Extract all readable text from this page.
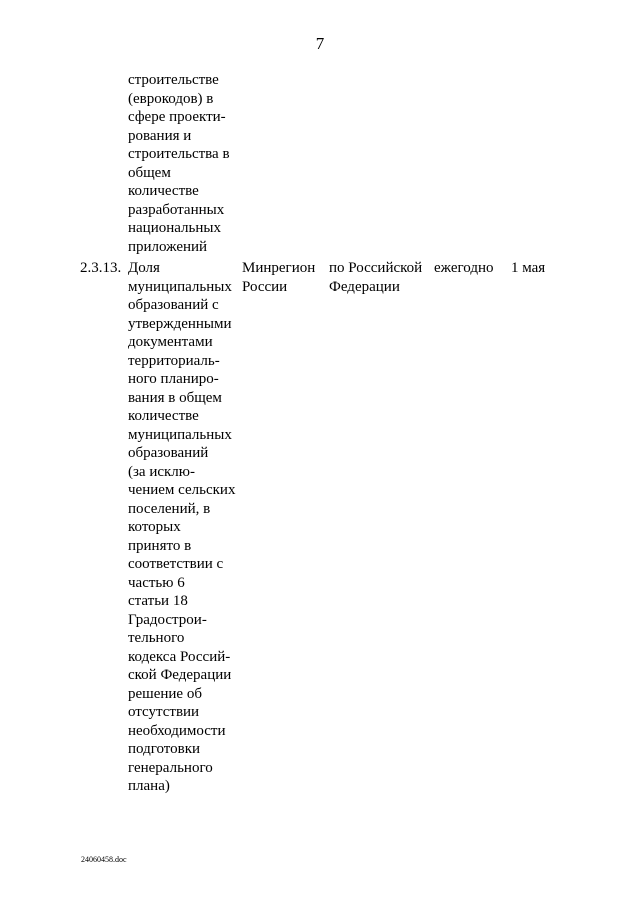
7
строительстве
(еврокодов) в
сфере проекти-
рования и
строительства в
общем
количестве
разработанных
национальных
приложений
2.3.13. Доля
муниципальных
образований с
утвержденными
документами
территориаль-
ного планиро-
вания в общем
количестве
муниципальных
образований
(за исклю-
чением сельских
поселений, в
которых
принято в
соответствии с
частью 6
статьи 18
Градострои-
тельного
кодекса Россий-
ской Федерации
решение об
отсутствии
необходимости
подготовки
генерального
плана)
Минрегион
России
по Российской
Федерации
ежегодно 1 мая
24060458.doc
